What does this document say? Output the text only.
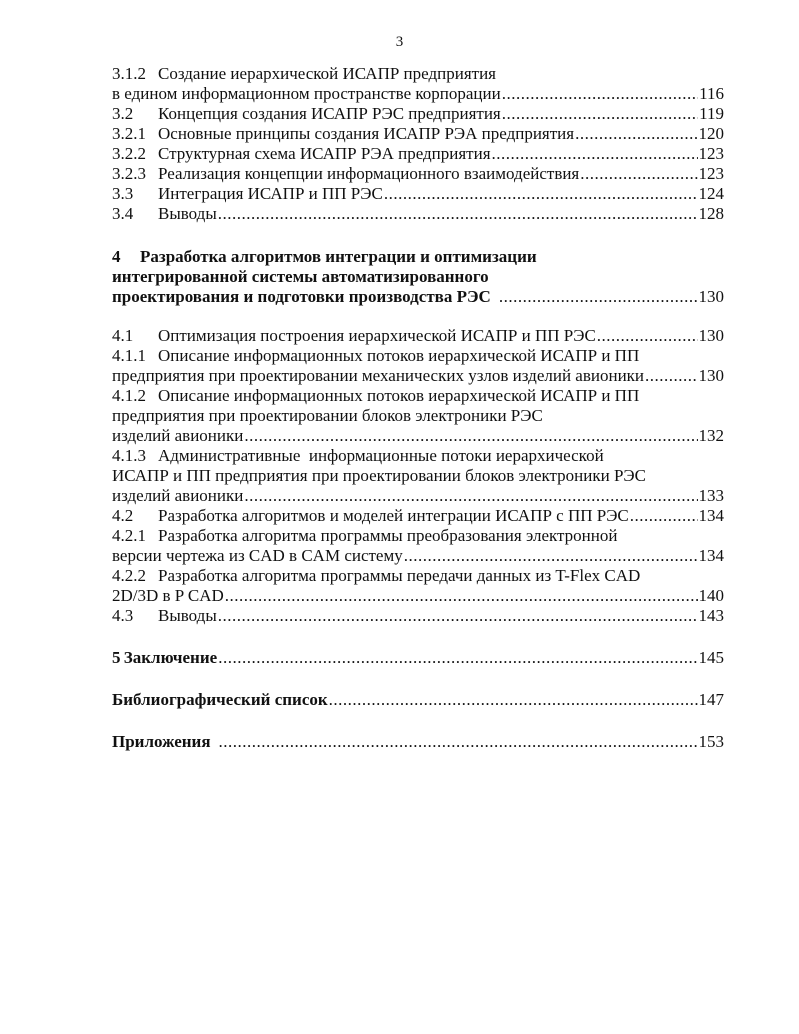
3
3.1.2 Создание иерархической ИСАПР предприятия
в едином информационном пространстве корпорации .....	116
3.2	Концепция создания ИСАПР РЭС предприятия .....	119
3.2.1 Основные принципы создания ИСАПР РЭА предприятия .....	120
3.2.2 Структурная схема ИСАПР РЭА предприятия .....	123
3.2.3 Реализация концепции информационного взаимодействия .....	123
3.3	Интеграция ИСАПР и ПП РЭС .....	124
3.4	Выводы .....	128
4	Разработка алгоритмов интеграции и оптимизации
интегрированной системы автоматизированного
проектирования и подготовки производства РЭС .....	130
4.1	Оптимизация построения иерархической ИСАПР и ПП РЭС .....	130
4.1.1 Описание информационных потоков иерархической ИСАПР и ПП
предприятия при проектировании механических узлов изделий авионики .....	130
4.1.2 Описание информационных потоков иерархической ИСАПР и ПП
предприятия при проектировании блоков электроники РЭС
изделий авионики .....	132
4.1.3 Административные  информационные потоки иерархической
ИСАПР и ПП предприятия при проектировании блоков электроники РЭС
изделий авионики .....	133
4.2	Разработка алгоритмов и моделей интеграции ИСАПР с ПП РЭС .....	134
4.2.1 Разработка алгоритма программы преобразования электронной
версии чертежа из CAD в CAM систему .....	134
4.2.2 Разработка алгоритма программы передачи данных из T-Flex CAD
2D/3D в P CAD .....	140
4.3	Выводы .....	143
5 Заключение .....	145
Библиографический список .....	147
Приложения .....	153
